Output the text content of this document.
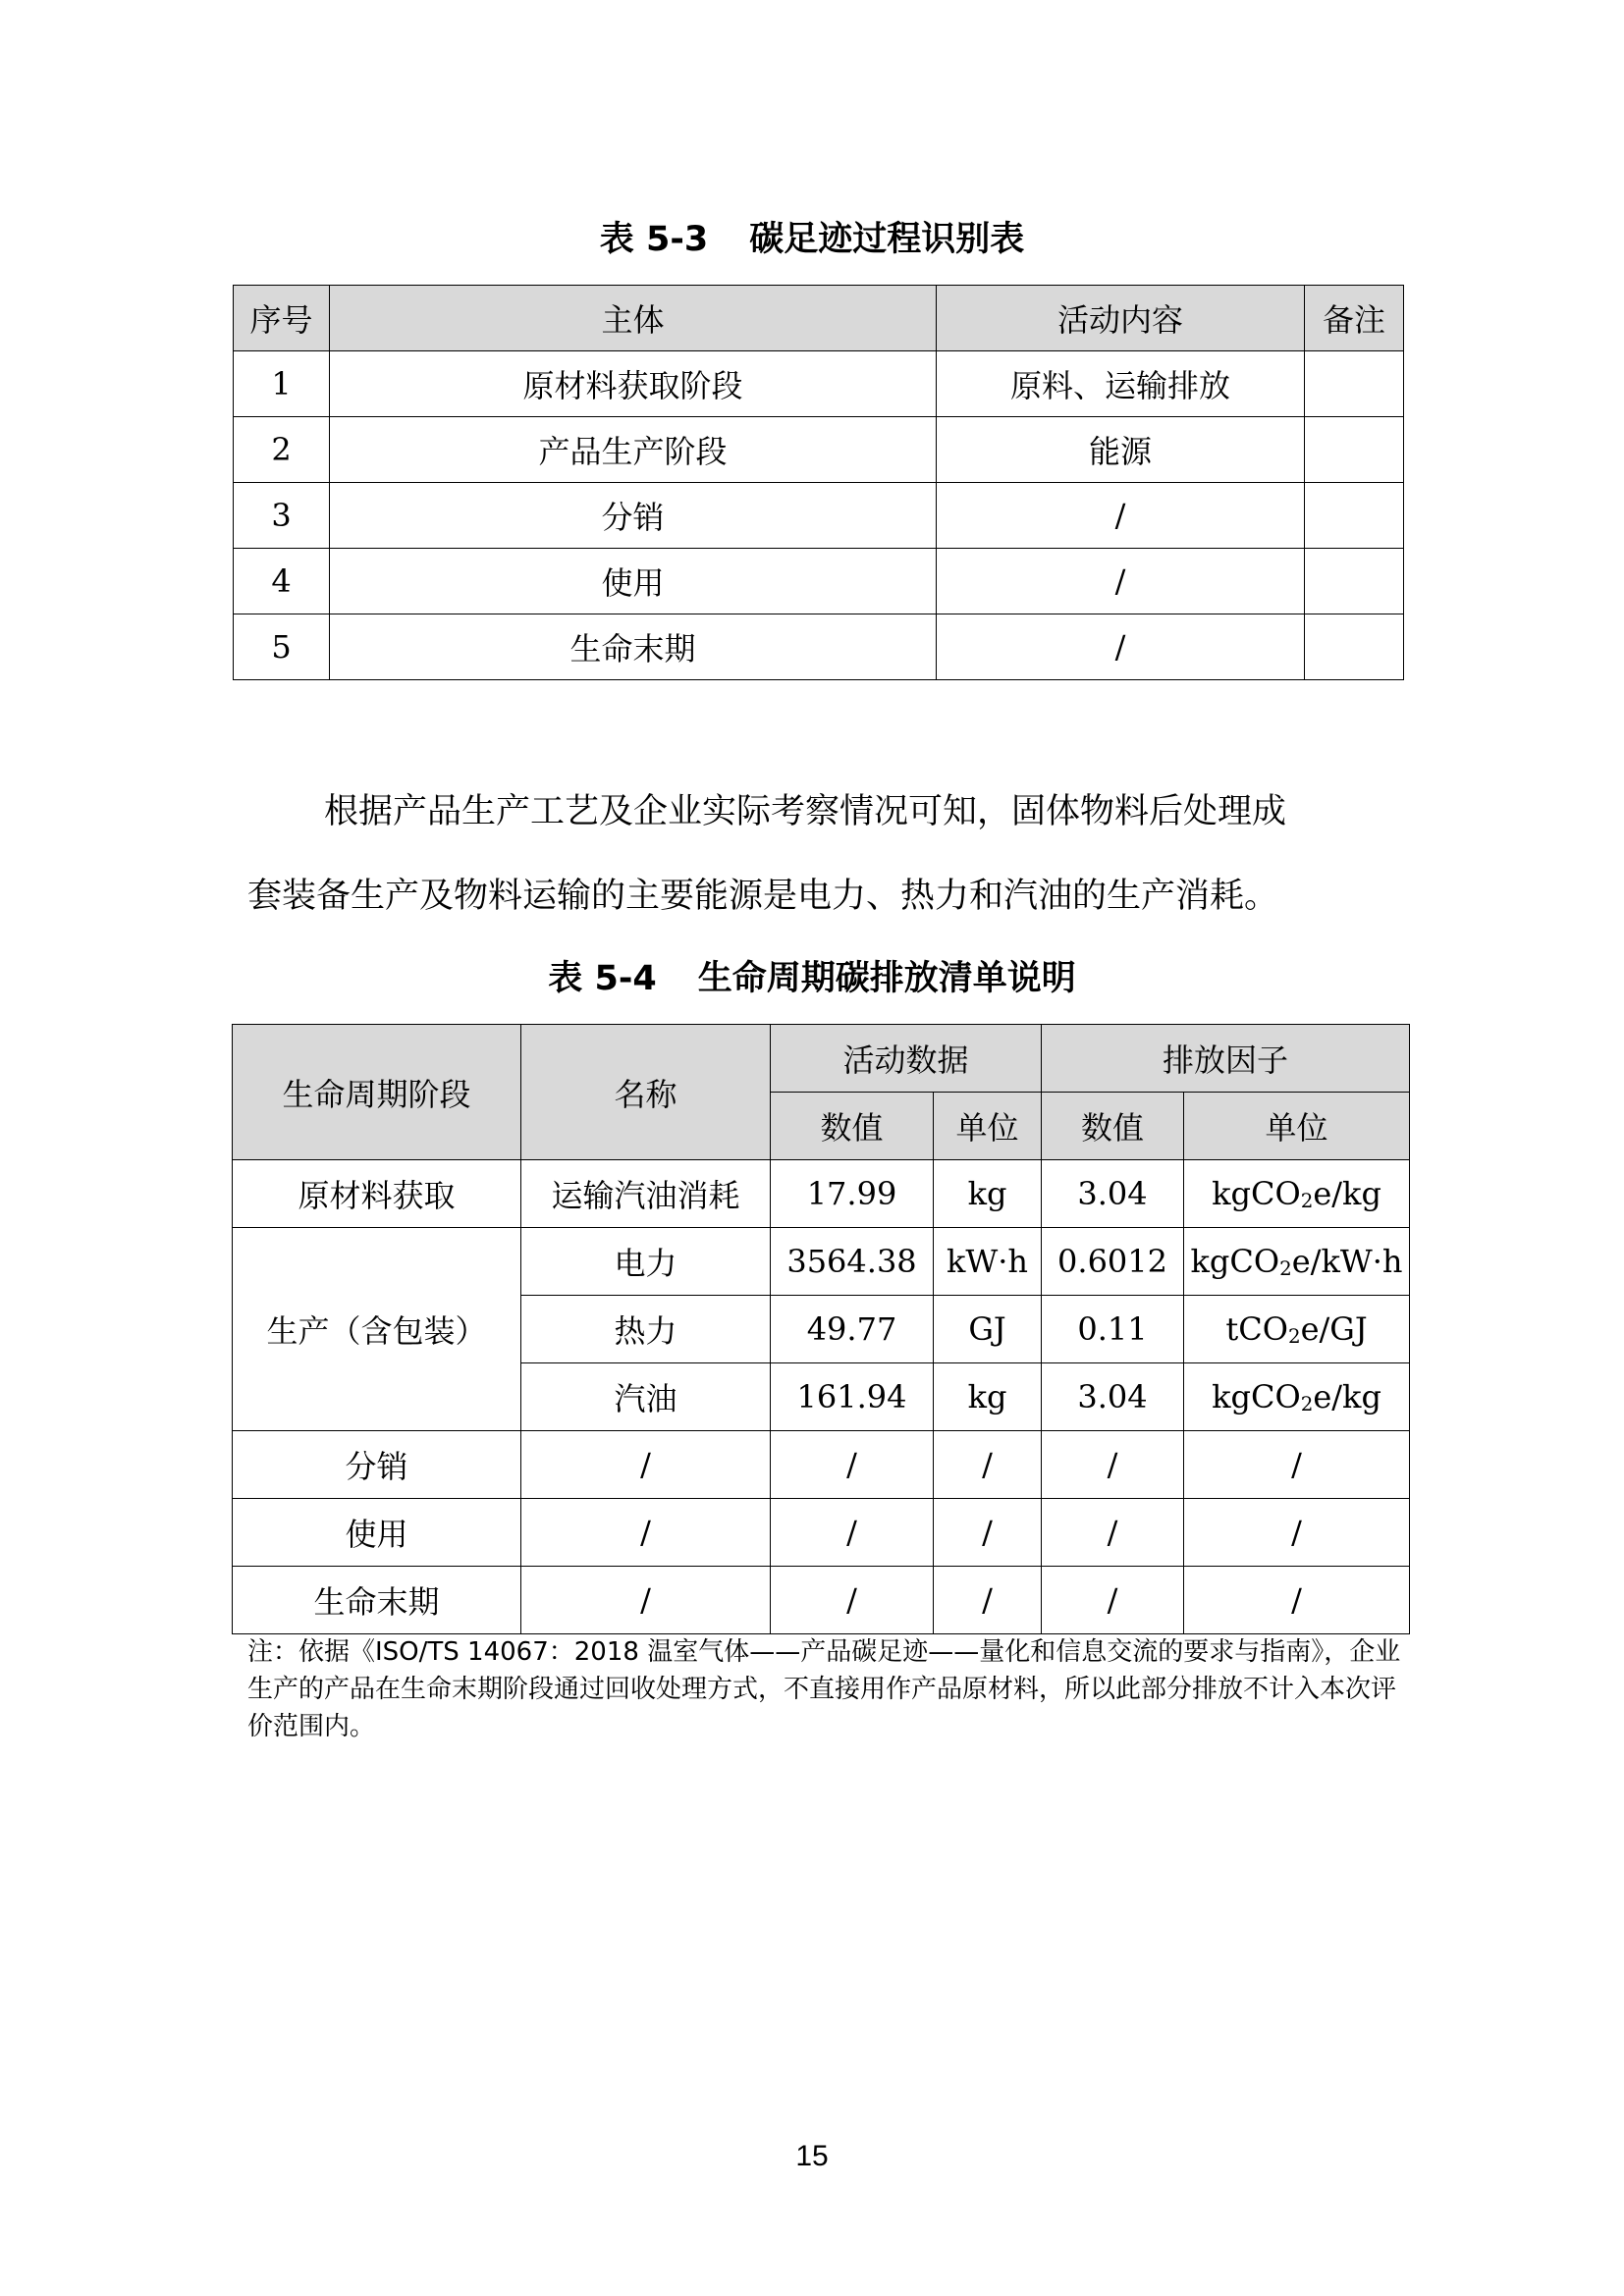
表 5-3 碳足迹过程识别表
序号	主体	活动内容	备注
1	原材料获取阶段	原料、运输排放	
2	产品生产阶段	能源	
3	分销	/	
4	使用	/	
5	生命末期	/	

根据产品生产工艺及企业实际考察情况可知，固体物料后处理成
套装备生产及物料运输的主要能源是电力、热力和汽油的生产消耗。

表 5-4 生命周期碳排放清单说明
生命周期阶段	名称	活动数据		排放因子	
		数值	单位	数值	单位
原材料获取	运输汽油消耗	17.99	kg	3.04	kgCO$_2$e/kg
生产（含包装）	电力	3564.38	kW·h	0.6012	kgCO$_2$e/kW·h
	热力	49.77	GJ	0.11	tCO$_2$e/GJ
	汽油	161.94	kg	3.04	kgCO$_2$e/kg
分销	/	/	/	/	/
使用	/	/	/	/	/
生命末期	/	/	/	/	/

注：依据《ISO/TS 14067：2018 温室气体——产品碳足迹——量化和信息交流的要求与指南》，企业生产的产品在生命末期阶段通过回收处理方式，不直接用作产品原材料，所以此部分排放不计入本次评价范围内。

15
